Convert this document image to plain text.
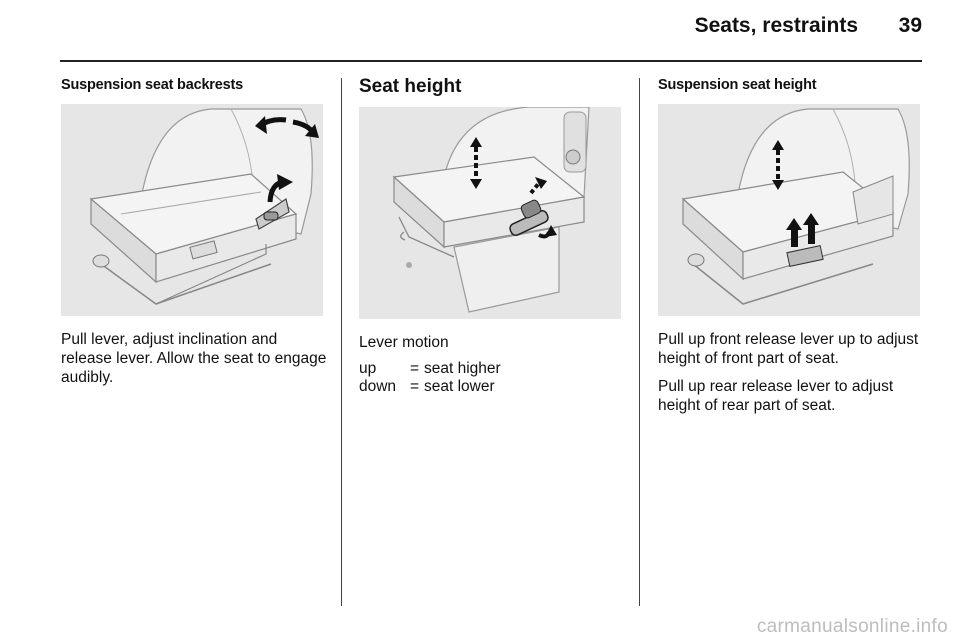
Seats, restraints	39
Suspension seat backrests

Pull lever, adjust inclination and release lever. Allow the seat to engage audibly.

Seat height

Lever motion

up	= seat higher
down = seat lower
Suspension seat height

Pull up front release lever up to adjust height of front part of seat.

Pull up rear release lever to adjust height of rear part of seat.

carmanualsonline.info
